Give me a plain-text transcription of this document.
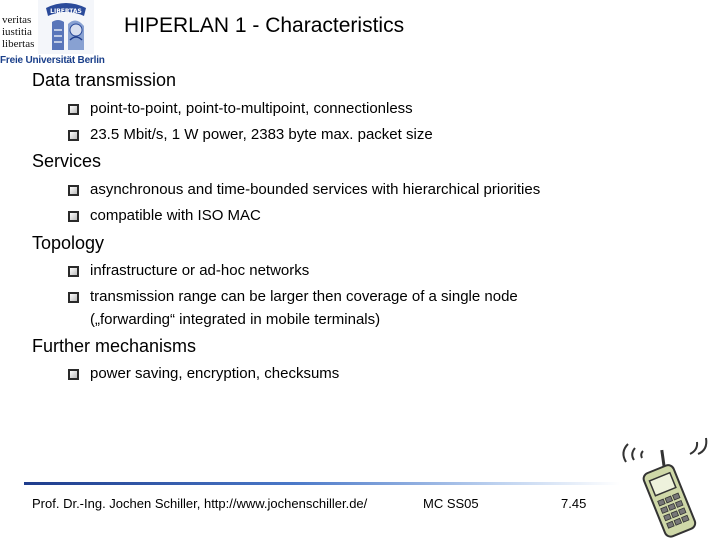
veritas
iustitia
libertas
LIBERTAS
Freie Universität Berlin
HIPERLAN 1 - Characteristics
Data transmission
point-to-point, point-to-multipoint, connectionless
23.5 Mbit/s, 1 W power, 2383 byte max. packet size
Services
asynchronous and time-bounded services with hierarchical priorities
compatible with ISO MAC
Topology
infrastructure or ad-hoc networks
transmission range can be larger then coverage of a single node
(„forwarding“ integrated in mobile terminals)
Further mechanisms
power saving, encryption, checksums
Prof. Dr.-Ing. Jochen Schiller, http://www.jochenschiller.de/	MC SS05	7.45
